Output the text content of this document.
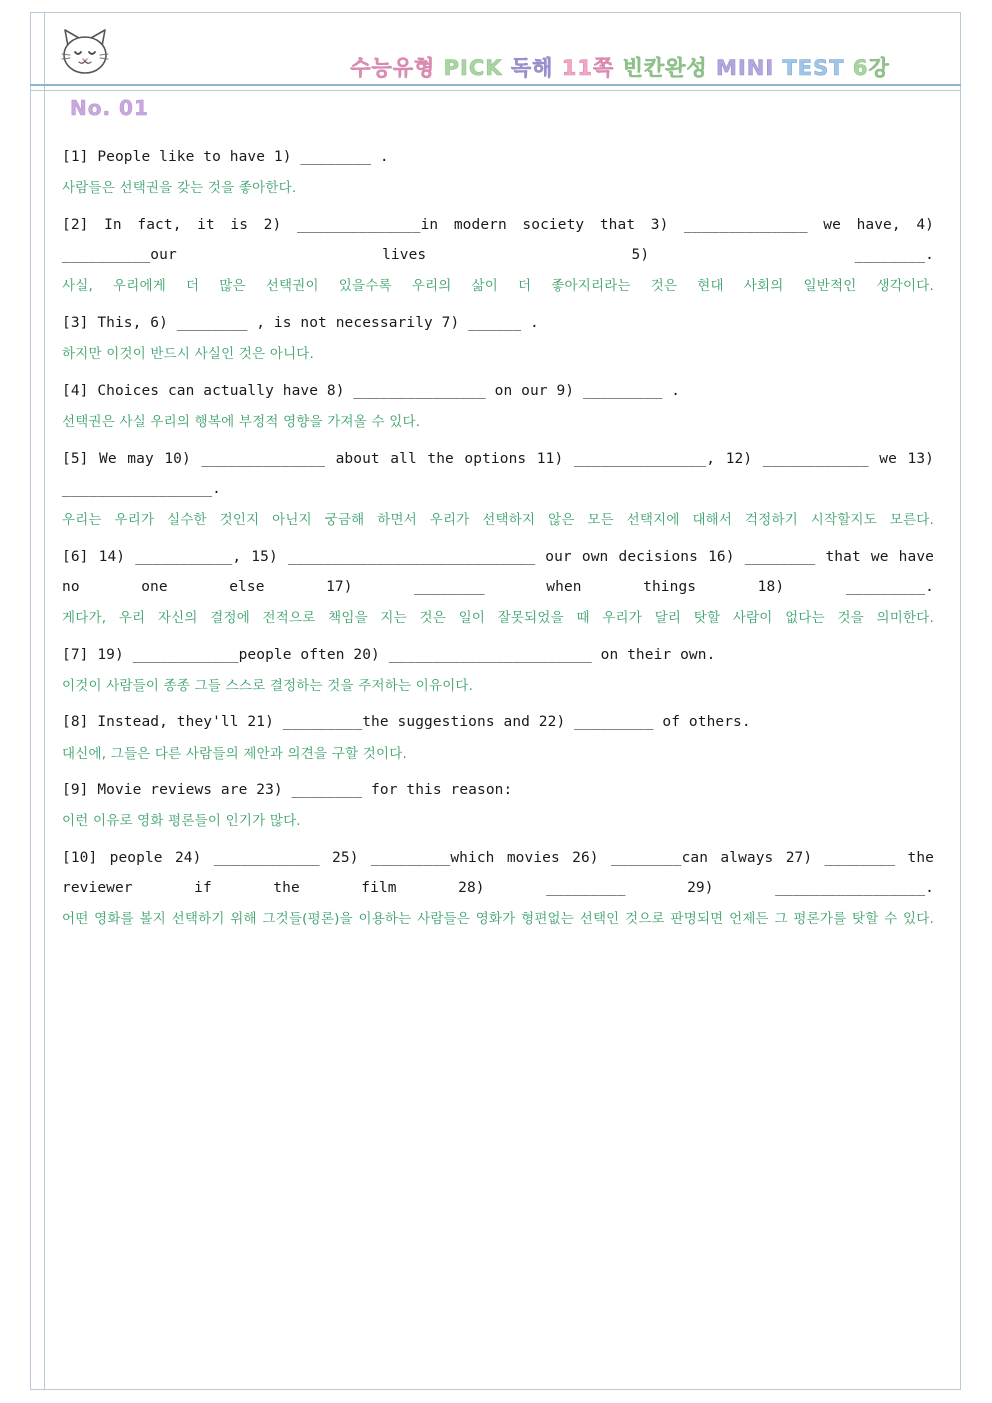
수능유형 PICK 독해 11쪽 빈칸완성 MINI TEST 6강
No. 01

[1] People like to have 1) ________ .

사람들은 선택권을 갖는 것을 좋아한다.

[2] In fact, it is 2) ______________in modern society that 3) ______________ we have, 4) __________our lives 5) ________.

사실, 우리에게 더 많은 선택권이 있을수록 우리의 삶이 더 좋아지리라는 것은 현대 사회의 일반적인 생각이다.

[3] This, 6) ________ , is not necessarily 7) ______ .

하지만 이것이 반드시 사실인 것은 아니다.

[4] Choices can actually have 8) _______________ on our 9) _________ .

선택권은 사실 우리의 행복에 부정적 영향을 가져올 수 있다.

[5] We may 10) ______________ about all the options 11) _______________, 12) ____________ we 13) _________________.

우리는 우리가 실수한 것인지 아닌지 궁금해 하면서 우리가 선택하지 않은 모든 선택지에 대해서 걱정하기 시작할지도 모른다.

[6] 14) ___________, 15) ____________________________ our own decisions 16) ________ that we have no one else 17) ________ when things 18) _________.

게다가, 우리 자신의 결정에 전적으로 책임을 지는 것은 일이 잘못되었을 때 우리가 달리 탓할 사람이 없다는 것을 의미한다.

[7] 19) ____________people often 20) _______________________ on their own.

이것이 사람들이 종종 그들 스스로 결정하는 것을 주저하는 이유이다.

[8] Instead, they'll 21) _________the suggestions and 22) _________ of others.

대신에, 그들은 다른 사람들의 제안과 의견을 구할 것이다.

[9] Movie reviews are 23) ________ for this reason:

이런 이유로 영화 평론들이 인기가 많다.

[10] people 24) ____________ 25) _________which movies 26) ________can always 27) ________ the reviewer if the film 28) _________ 29) _________________.

어떤 영화를 볼지 선택하기 위해 그것들(평론)을 이용하는 사람들은 영화가 형편없는 선택인 것으로 판명되면 언제든 그 평론가를 탓할 수 있다.
